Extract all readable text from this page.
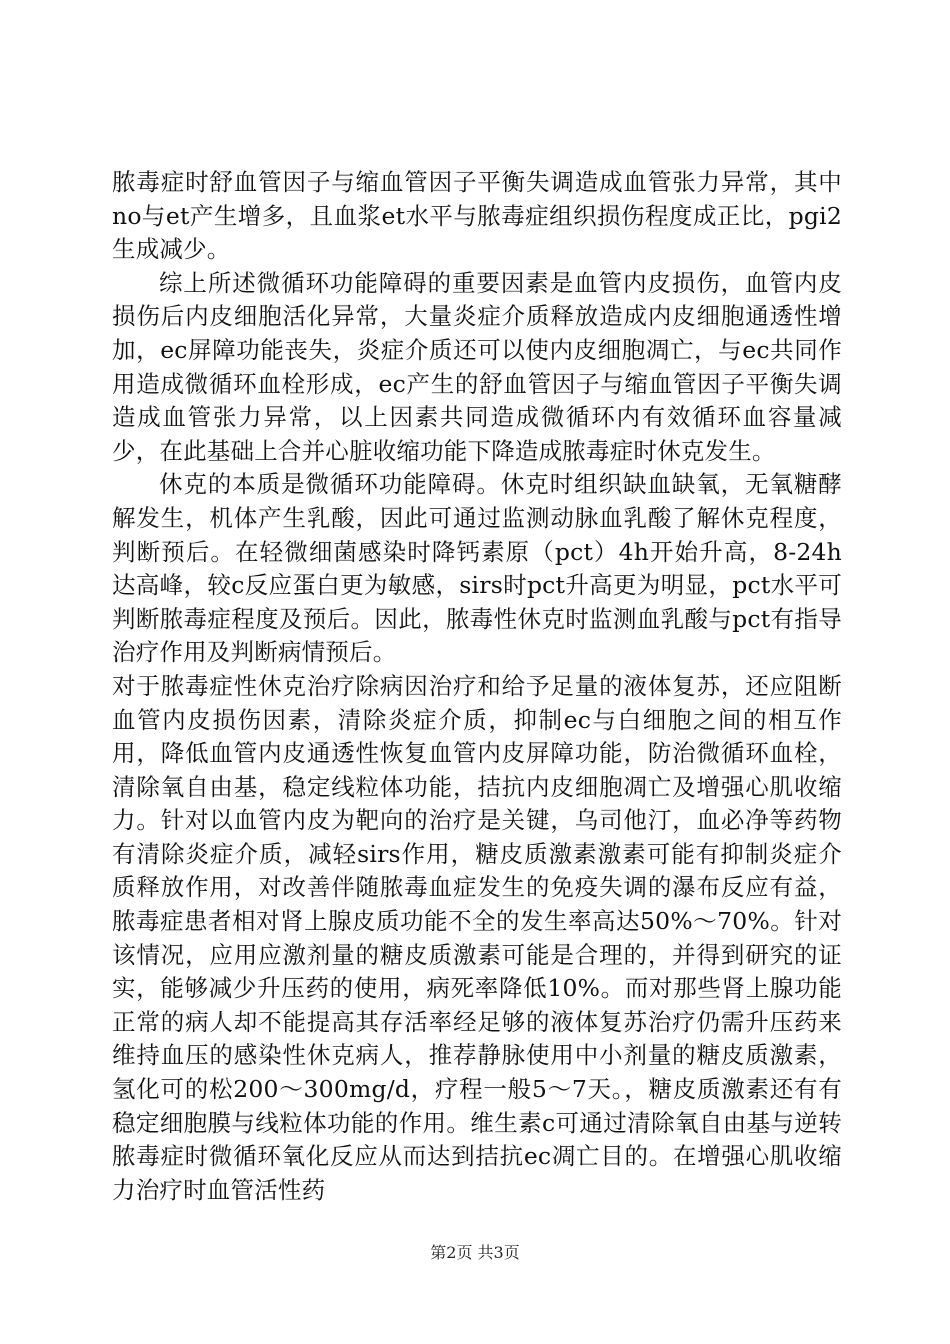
脓毒症时舒血管因子与缩血管因子平衡失调造成血管张力异常，其中no与et产生增多，且血浆et水平与脓毒症组织损伤程度成正比，pgi2生成减少。

综上所述微循环功能障碍的重要因素是血管内皮损伤，血管内皮损伤后内皮细胞活化异常，大量炎症介质释放造成内皮细胞通透性增加，ec屏障功能丧失，炎症介质还可以使内皮细胞凋亡，与ec共同作用造成微循环血栓形成，ec产生的舒血管因子与缩血管因子平衡失调造成血管张力异常，以上因素共同造成微循环内有效循环血容量减少，在此基础上合并心脏收缩功能下降造成脓毒症时休克发生。

休克的本质是微循环功能障碍。休克时组织缺血缺氧，无氧糖酵解发生，机体产生乳酸，因此可通过监测动脉血乳酸了解休克程度，判断预后。在轻微细菌感染时降钙素原（pct）4h开始升高，8-24h达高峰，较c反应蛋白更为敏感，sirs时pct升高更为明显，pct水平可判断脓毒症程度及预后。因此，脓毒性休克时监测血乳酸与pct有指导治疗作用及判断病情预后。

对于脓毒症性休克治疗除病因治疗和给予足量的液体复苏，还应阻断血管内皮损伤因素，清除炎症介质，抑制ec与白细胞之间的相互作用，降低血管内皮通透性恢复血管内皮屏障功能，防治微循环血栓，清除氧自由基，稳定线粒体功能，拮抗内皮细胞凋亡及增强心肌收缩力。针对以血管内皮为靶向的治疗是关键，乌司他汀，血必净等药物有清除炎症介质，减轻sirs作用，糖皮质激素激素可能有抑制炎症介质释放作用，对改善伴随脓毒血症发生的免疫失调的瀑布反应有益，脓毒症患者相对肾上腺皮质功能不全的发生率高达50%～70%。针对该情况，应用应激剂量的糖皮质激素可能是合理的，并得到研究的证实，能够减少升压药的使用，病死率降低10%。而对那些肾上腺功能正常的病人却不能提高其存活率经足够的液体复苏治疗仍需升压药来维持血压的感染性休克病人，推荐静脉使用中小剂量的糖皮质激素，氢化可的松200～300mg/d，疗程一般5～7天。，糖皮质激素还有有稳定细胞膜与线粒体功能的作用。维生素c可通过清除氧自由基与逆转脓毒症时微循环氧化反应从而达到拮抗ec凋亡目的。在增强心肌收缩力治疗时血管活性药

第2页 共3页
